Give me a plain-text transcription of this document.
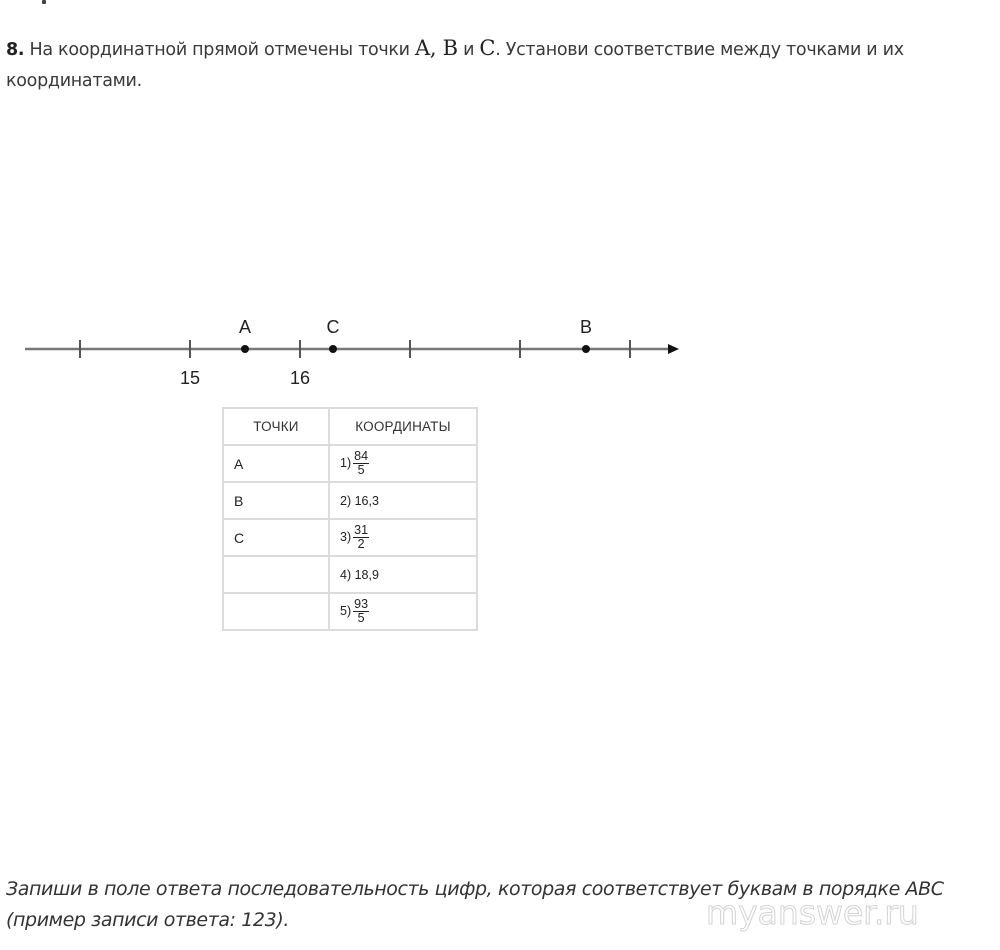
8. На координатной прямой отмечены точки A, B и C. Установи соответствие между точками и их координатами.
15	16
A	C	B
ТОЧКИ	КООРДИНАТЫ
A	$1) \frac{84}{5}$

B	2) 16,3
C	$3) \frac{31}{2}$

	4) 18,9
	$5) \frac{93}{5}$
Запиши в поле ответа последовательность цифр, которая соответствует буквам в порядке ABC (пример записи ответа: 123).	myanswer.ru
